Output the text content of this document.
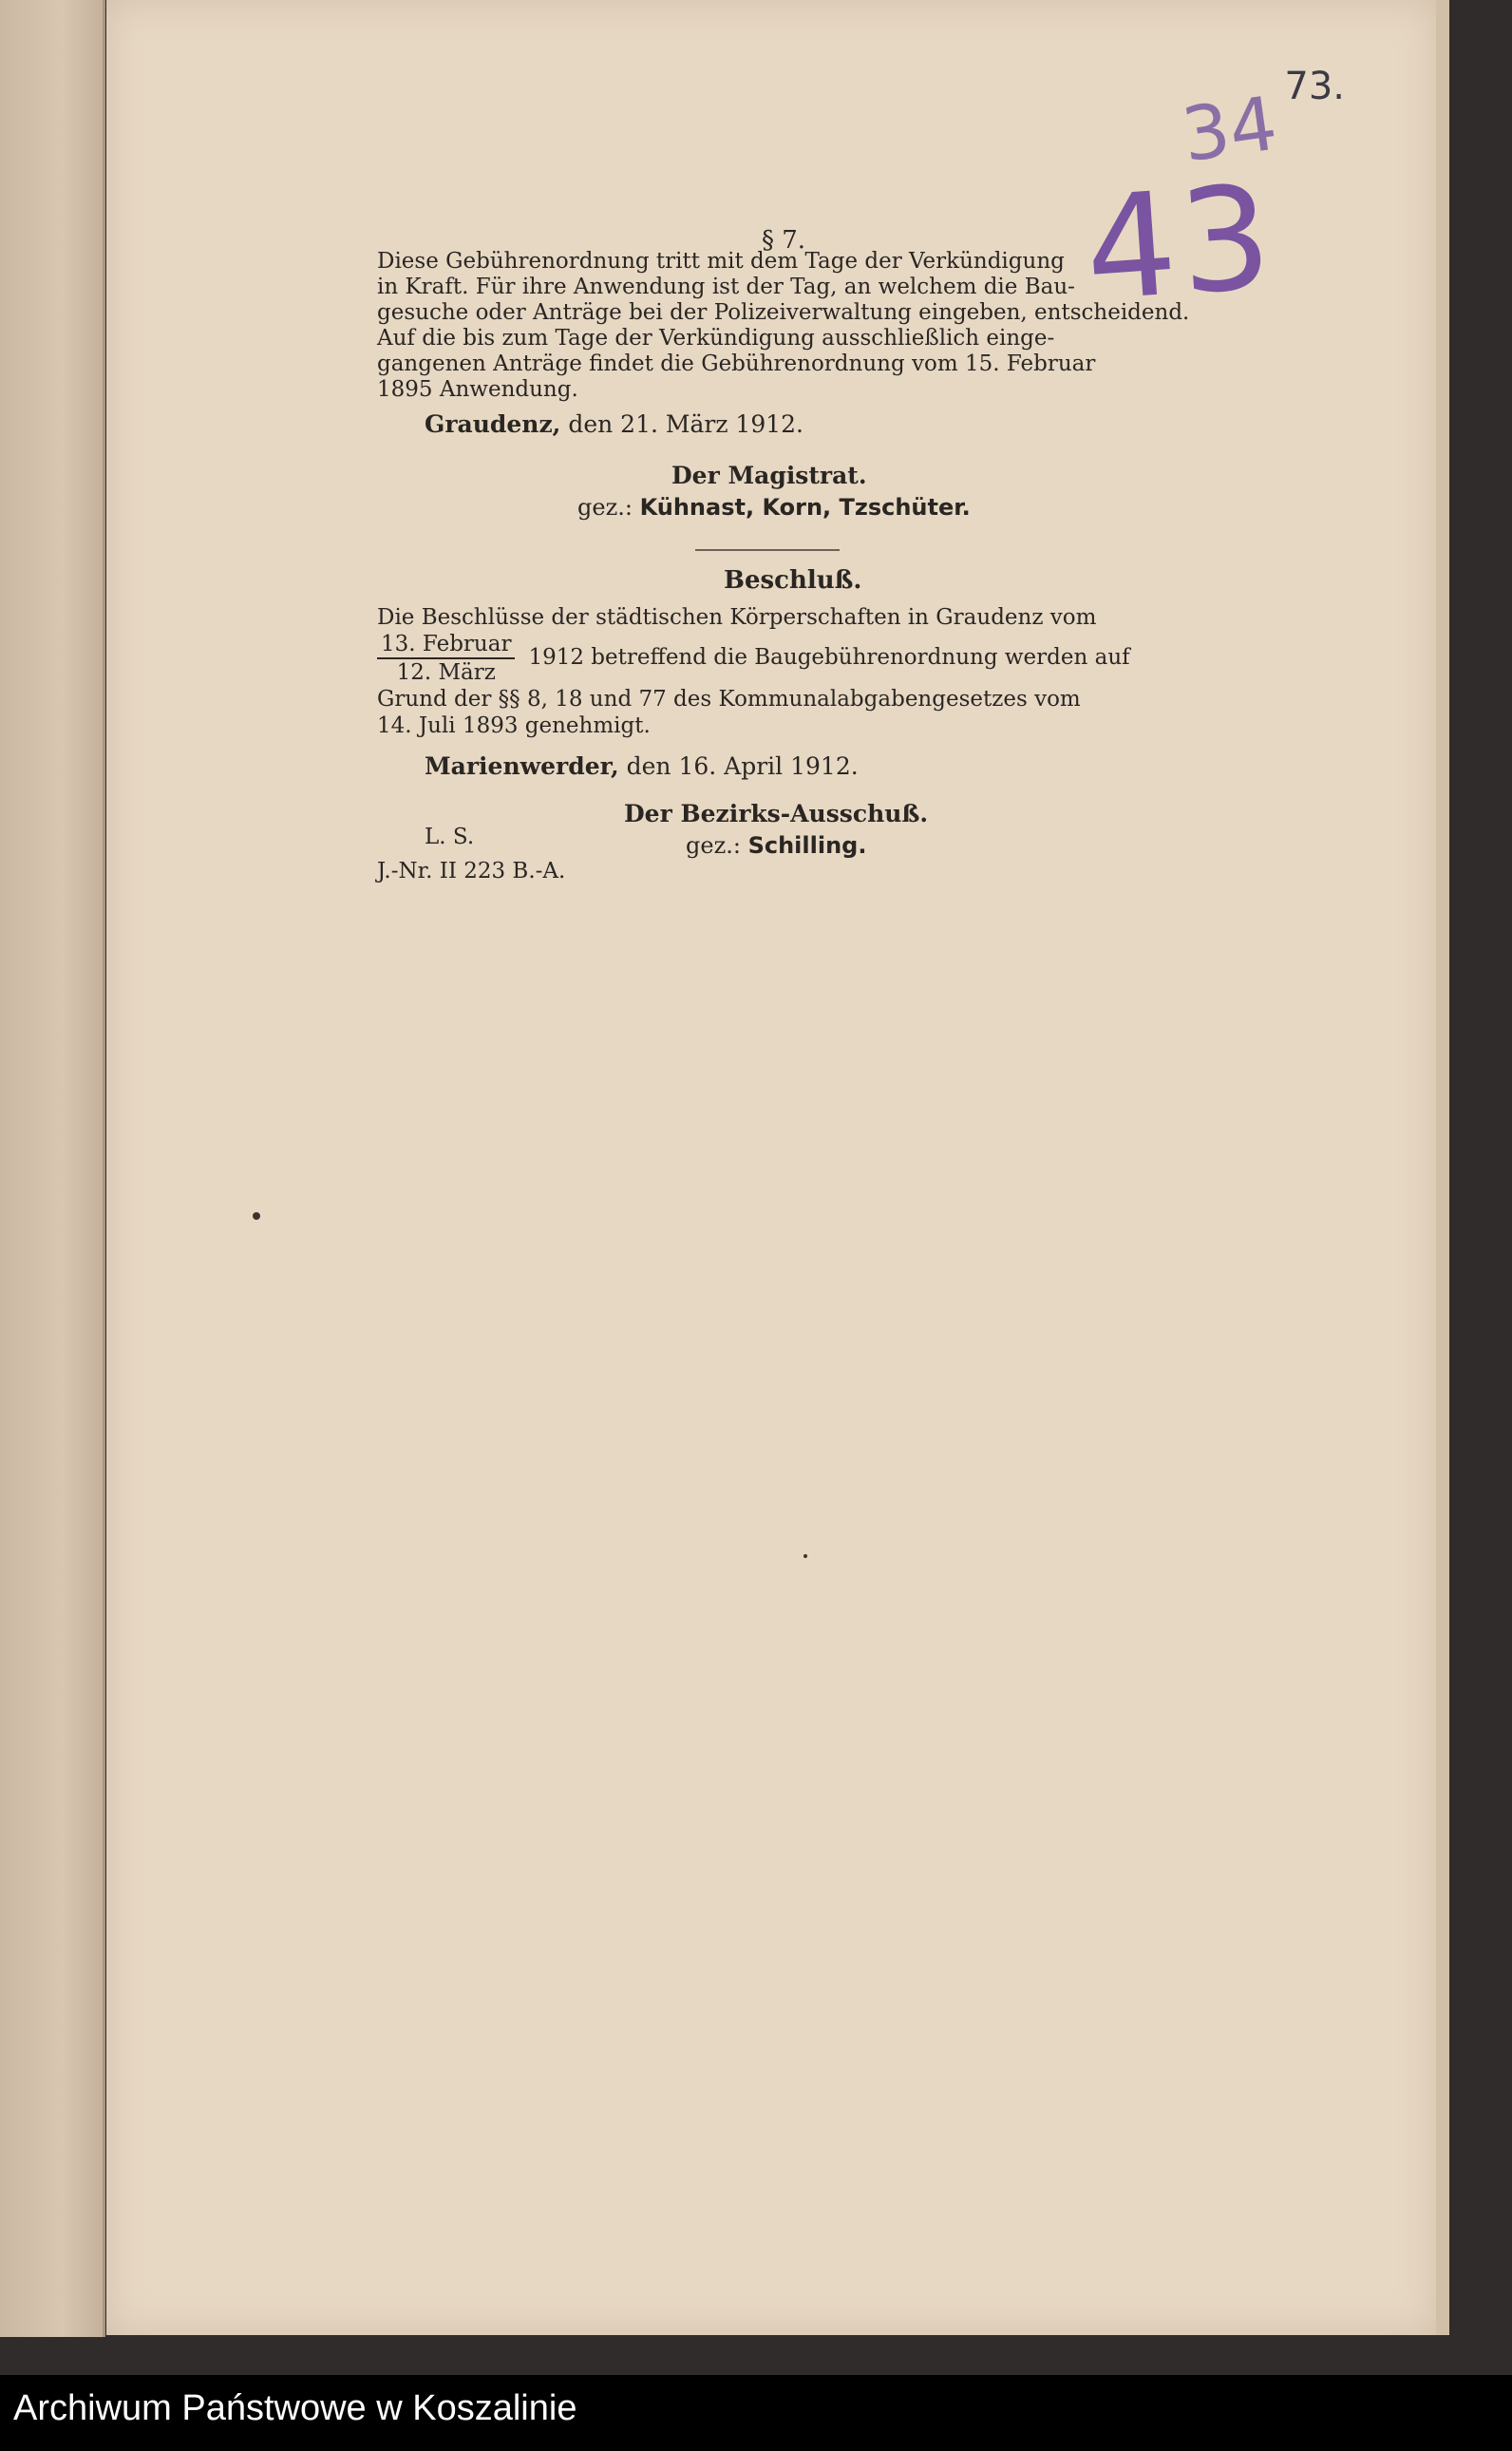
73.
34
43
§ 7.
Diese Gebührenordnung tritt mit dem Tage der Verkündigung
in Kraft. Für ihre Anwendung ist der Tag, an welchem die Bau-
gesuche oder Anträge bei der Polizeiverwaltung eingeben, entscheidend.
Auf die bis zum Tage der Verkündigung ausschließlich einge-
gangenen Anträge findet die Gebührenordnung vom 15. Februar
1895 Anwendung.
Graudenz, den 21. März 1912.
Der Magistrat.
gez.: Kühnast, Korn, Tzschüter.
Beschluß.
Die Beschlüsse der städtischen Körperschaften in Graudenz vom
$\frac{\text{13. Februar}}{\text{12. März}} 1912$ betreffend die Baugebührenordnung werden auf
Grund der §§ 8, 18 und 77 des Kommunalabgabengesetzes vom
14. Juli 1893 genehmigt.
Marienwerder, den 16. April 1912.
Der Bezirks-Ausschuß.
L. S.	gez.: Schilling.
J.-Nr. II 223 B.-A.
Archiwum Państwowe w Koszalinie
